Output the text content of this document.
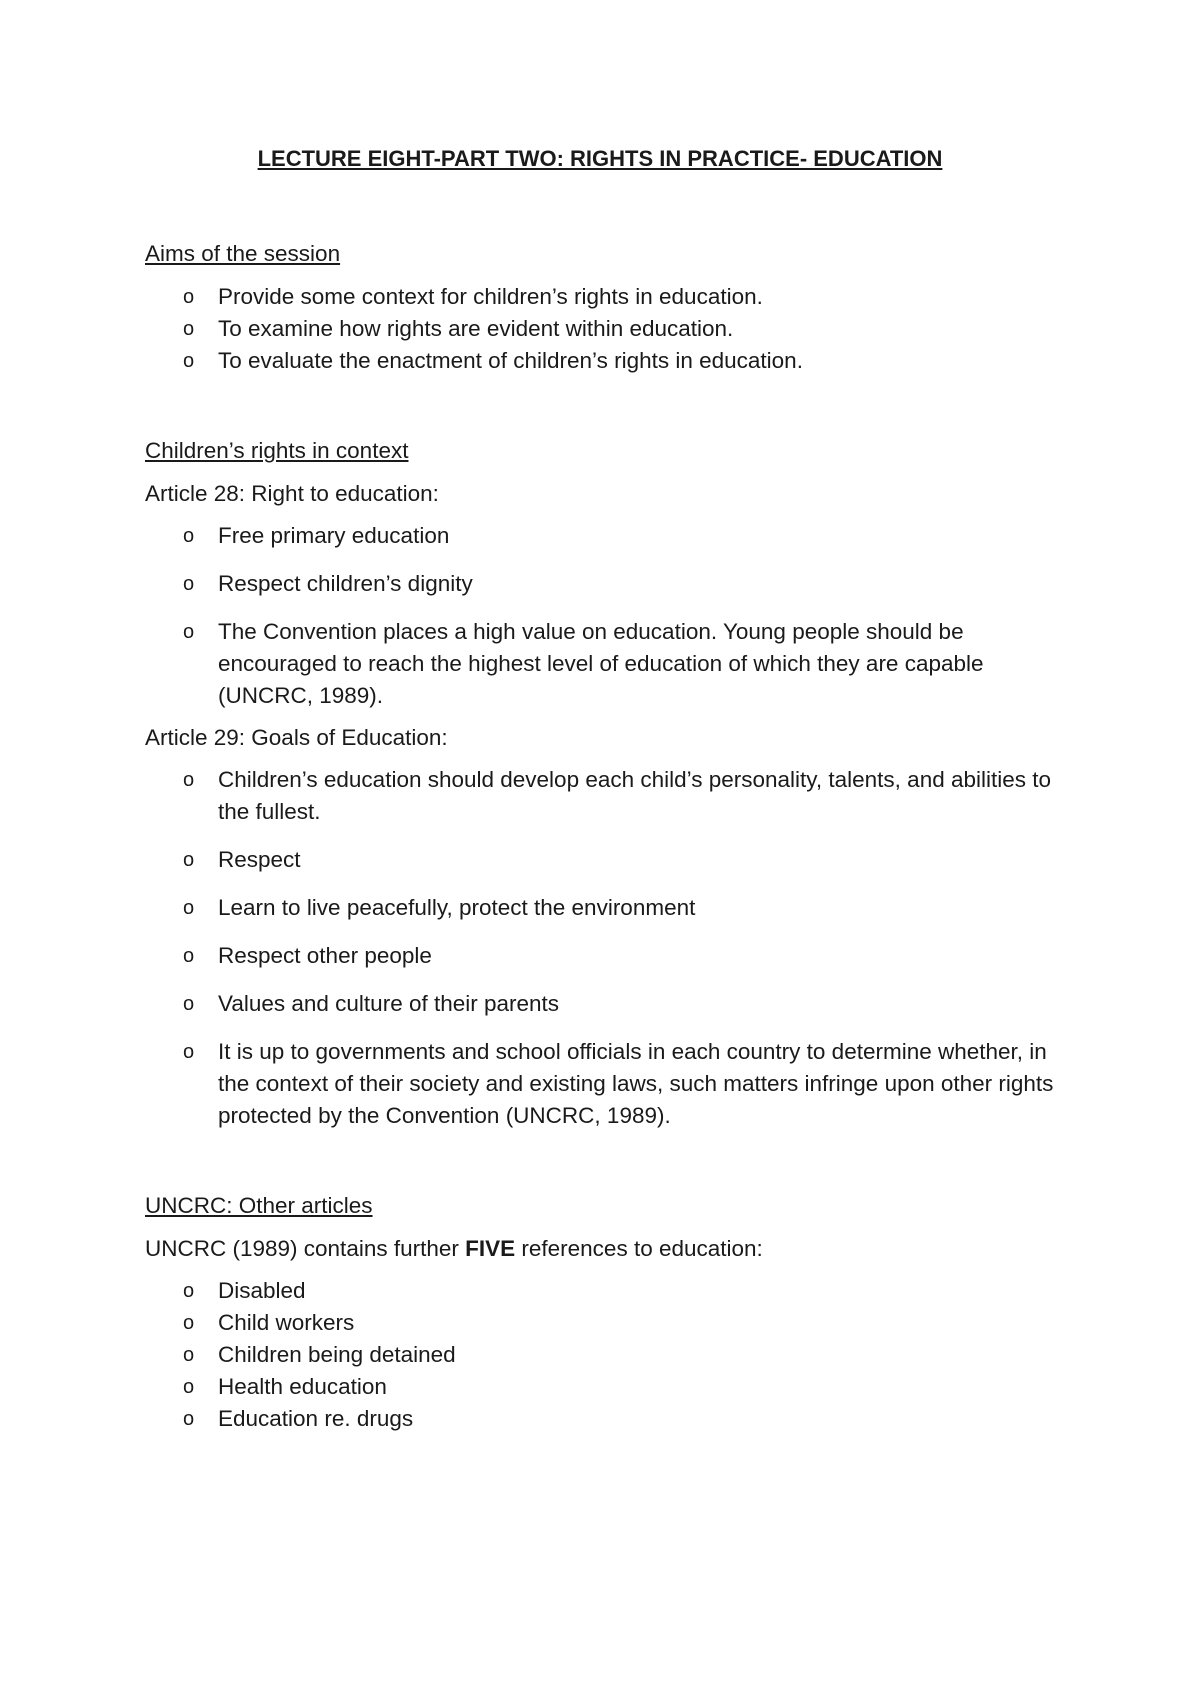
LECTURE EIGHT-PART TWO: RIGHTS IN PRACTICE- EDUCATION
Aims of the session
o Provide some context for children’s rights in education.
o To examine how rights are evident within education.
o To evaluate the enactment of children’s rights in education.
Children’s rights in context
Article 28: Right to education:
o Free primary education
o Respect children’s dignity
o The Convention places a high value on education. Young people should be encouraged to reach the highest level of education of which they are capable (UNCRC, 1989).
Article 29: Goals of Education:
o Children’s education should develop each child’s personality, talents, and abilities to the fullest.
o Respect
o Learn to live peacefully, protect the environment
o Respect other people
o Values and culture of their parents
o It is up to governments and school officials in each country to determine whether, in the context of their society and existing laws, such matters infringe upon other rights protected by the Convention (UNCRC, 1989).
UNCRC: Other articles
UNCRC (1989) contains further FIVE references to education:
o Disabled
o Child workers
o Children being detained
o Health education
o Education re. drugs
